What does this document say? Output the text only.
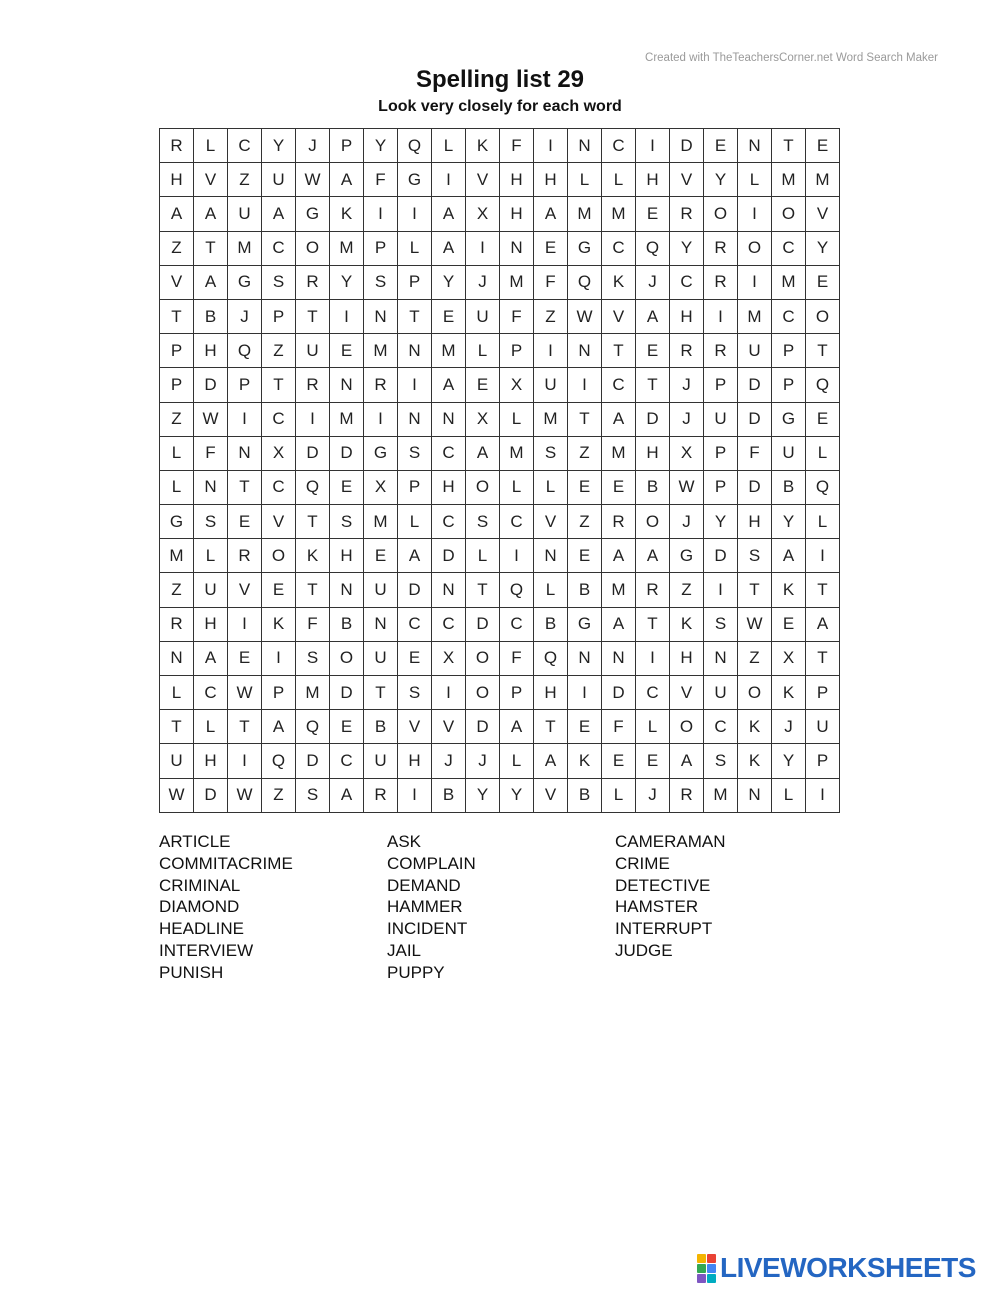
Created with TheTeachersCorner.net Word Search Maker
Spelling list 29
Look very closely for each word
R	L	C	Y	J	P	Y	Q	L	K	F	I	N	C	I	D	E	N	T	E
H	V	Z	U	W	A	F	G	I	V	H	H	L	L	H	V	Y	L	M	M
A	A	U	A	G	K	I	I	A	X	H	A	M	M	E	R	O	I	O	V
Z	T	M	C	O	M	P	L	A	I	N	E	G	C	Q	Y	R	O	C	Y
V	A	G	S	R	Y	S	P	Y	J	M	F	Q	K	J	C	R	I	M	E
T	B	J	P	T	I	N	T	E	U	F	Z	W	V	A	H	I	M	C	O
P	H	Q	Z	U	E	M	N	M	L	P	I	N	T	E	R	R	U	P	T
P	D	P	T	R	N	R	I	A	E	X	U	I	C	T	J	P	D	P	Q
Z	W	I	C	I	M	I	N	N	X	L	M	T	A	D	J	U	D	G	E
L	F	N	X	D	D	G	S	C	A	M	S	Z	M	H	X	P	F	U	L
L	N	T	C	Q	E	X	P	H	O	L	L	E	E	B	W	P	D	B	Q
G	S	E	V	T	S	M	L	C	S	C	V	Z	R	O	J	Y	H	Y	L
M	L	R	O	K	H	E	A	D	L	I	N	E	A	A	G	D	S	A	I
Z	U	V	E	T	N	U	D	N	T	Q	L	B	M	R	Z	I	T	K	T
R	H	I	K	F	B	N	C	C	D	C	B	G	A	T	K	S	W	E	A
N	A	E	I	S	O	U	E	X	O	F	Q	N	N	I	H	N	Z	X	T
L	C	W	P	M	D	T	S	I	O	P	H	I	D	C	V	U	O	K	P
T	L	T	A	Q	E	B	V	V	D	A	T	E	F	L	O	C	K	J	U
U	H	I	Q	D	C	U	H	J	J	L	A	K	E	E	A	S	K	Y	P
W	D	W	Z	S	A	R	I	B	Y	Y	V	B	L	J	R	M	N	L	I
ARTICLE	ASK	CAMERAMAN
COMMITACRIME	COMPLAIN	CRIME
CRIMINAL	DEMAND	DETECTIVE
DIAMOND	HAMMER	HAMSTER
HEADLINE	INCIDENT	INTERRUPT
INTERVIEW	JAIL	JUDGE
PUNISH	PUPPY
LIVEWORKSHEETS
